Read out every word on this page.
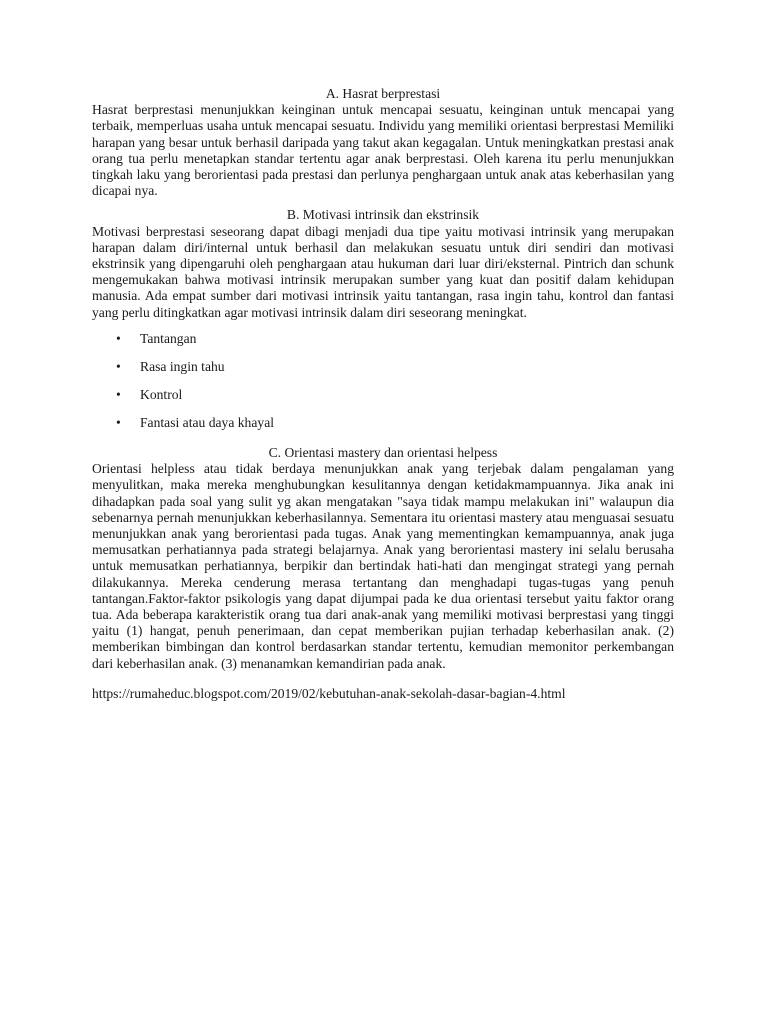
A. Hasrat berprestasi

Hasrat berprestasi menunjukkan keinginan untuk mencapai sesuatu, keinginan untuk mencapai yang terbaik, memperluas usaha untuk mencapai sesuatu. Individu yang memiliki orientasi berprestasi Memiliki harapan yang besar untuk berhasil daripada yang takut akan kegagalan. Untuk meningkatkan prestasi anak orang tua perlu menetapkan standar tertentu agar anak berprestasi. Oleh karena itu perlu menunjukkan tingkah laku yang berorientasi pada prestasi dan perlunya penghargaan untuk anak atas keberhasilan yang dicapai nya.

B. Motivasi intrinsik dan ekstrinsik

Motivasi berprestasi seseorang dapat dibagi menjadi dua tipe yaitu motivasi intrinsik yang merupakan harapan dalam diri/internal untuk berhasil dan melakukan sesuatu untuk diri sendiri dan motivasi ekstrinsik yang dipengaruhi oleh penghargaan atau hukuman dari luar diri/eksternal. Pintrich dan schunk mengemukakan bahwa motivasi intrinsik merupakan sumber yang kuat dan positif dalam kehidupan manusia. Ada empat sumber dari motivasi intrinsik yaitu tantangan, rasa ingin tahu, kontrol dan fantasi yang perlu ditingkatkan agar motivasi intrinsik dalam diri seseorang meningkat.

• Tantangan
• Rasa ingin tahu
• Kontrol
• Fantasi atau daya khayal

C. Orientasi mastery dan orientasi helpess

Orientasi helpless atau tidak berdaya menunjukkan anak yang terjebak dalam pengalaman yang menyulitkan, maka mereka menghubungkan kesulitannya dengan ketidakmampuannya. Jika anak ini dihadapkan pada soal yang sulit yg akan mengatakan "saya tidak mampu melakukan ini" walaupun dia sebenarnya pernah menunjukkan keberhasilannya. Sementara itu orientasi mastery atau menguasai sesuatu menunjukkan anak yang berorientasi pada tugas. Anak yang mementingkan kemampuannya, anak juga memusatkan perhatiannya pada strategi belajarnya. Anak yang berorientasi mastery ini selalu berusaha untuk memusatkan perhatiannya, berpikir dan bertindak hati-hati dan mengingat strategi yang pernah dilakukannya. Mereka cenderung merasa tertantang dan menghadapi tugas-tugas yang penuh tantangan.Faktor-faktor psikologis yang dapat dijumpai pada ke dua orientasi tersebut yaitu faktor orang tua. Ada beberapa karakteristik orang tua dari anak-anak yang memiliki motivasi berprestasi yang tinggi yaitu (1) hangat, penuh penerimaan, dan cepat memberikan pujian terhadap keberhasilan anak. (2) memberikan bimbingan dan kontrol berdasarkan standar tertentu, kemudian memonitor perkembangan dari keberhasilan anak. (3) menanamkan kemandirian pada anak.

https://rumaheduc.blogspot.com/2019/02/kebutuhan-anak-sekolah-dasar-bagian-4.html
